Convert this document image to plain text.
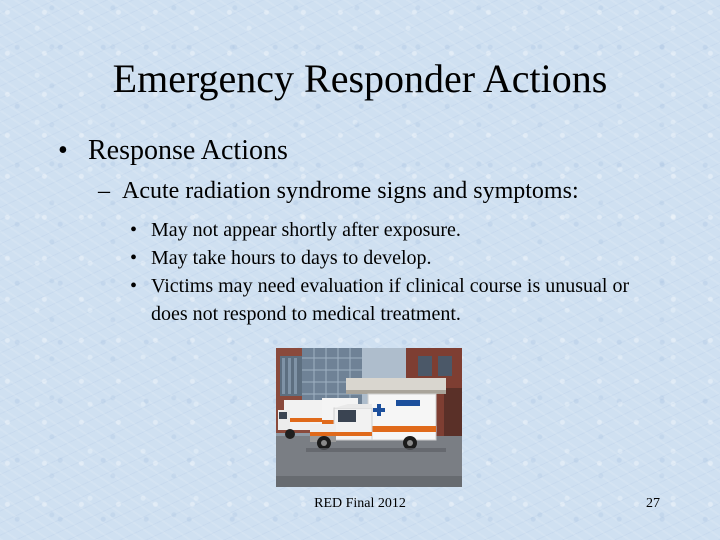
Emergency Responder Actions
• Response Actions
– Acute radiation syndrome signs and symptoms:
• May not appear shortly after exposure.
• May take hours to days to develop.
• Victims may need evaluation if clinical course is unusual or does not respond to medical treatment.
RED Final 2012	27
